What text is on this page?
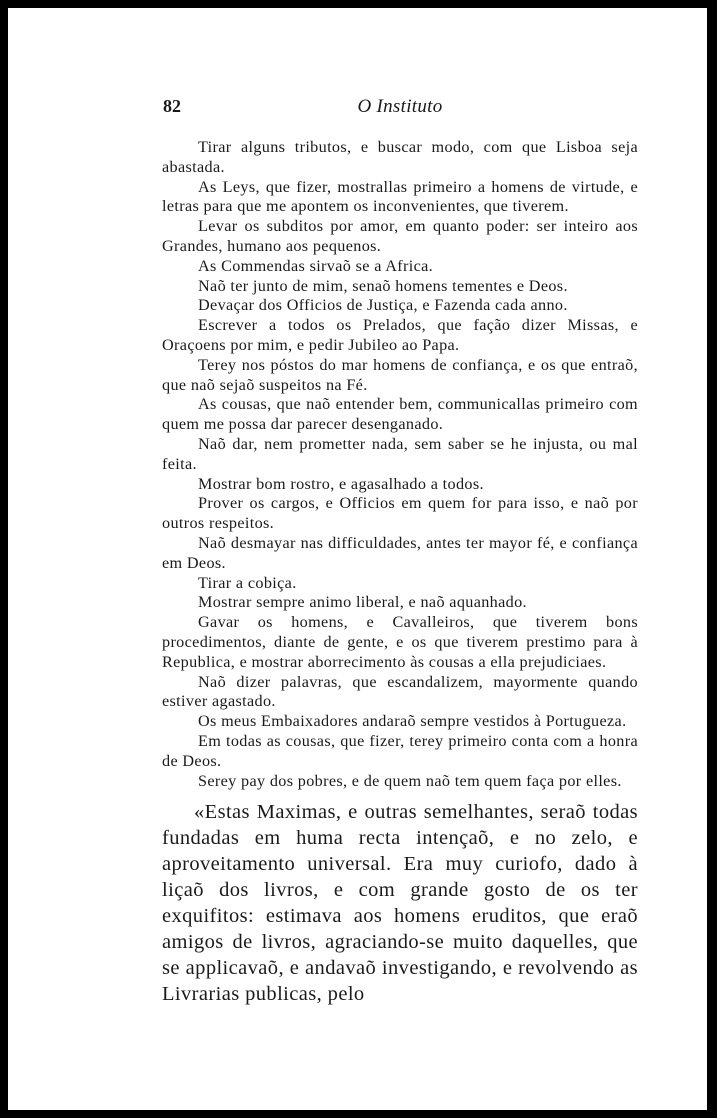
82	O Instituto

Tirar alguns tributos, e buscar modo, com que Lisboa seja abastada.

As Leys, que fizer, mostrallas primeiro a homens de virtude, e letras para que me apontem os inconvenientes, que tiverem.

Levar os subditos por amor, em quanto poder: ser inteiro aos Grandes, humano aos pequenos.

As Commendas sirvaõ se a Africa.

Naõ ter junto de mim, senaõ homens tementes e Deos.

Devaçar dos Officios de Justiça, e Fazenda cada anno.

Escrever a todos os Prelados, que fação dizer Missas, e Oraçoens por mim, e pedir Jubileo ao Papa.

Terey nos póstos do mar homens de confiança, e os que entraõ, que naõ sejaõ suspeitos na Fé.

As cousas, que naõ entender bem, communicallas primeiro com quem me possa dar parecer desenganado.

Naõ dar, nem prometter nada, sem saber se he injusta, ou mal feita.

Mostrar bom rostro, e agasalhado a todos.

Prover os cargos, e Officios em quem for para isso, e naõ por outros respeitos.

Naõ desmayar nas difficuldades, antes ter mayor fé, e confiança em Deos.

Tirar a cobiça.

Mostrar sempre animo liberal, e naõ aquanhado.

Gavar os homens, e Cavalleiros, que tiverem bons procedimentos, diante de gente, e os que tiverem prestimo para à Republica, e mostrar aborrecimento às cousas a ella prejudiciaes.

Naõ dizer palavras, que escandalizem, mayormente quando estiver agastado.

Os meus Embaixadores andaraõ sempre vestidos à Portugueza.

Em todas as cousas, que fizer, terey primeiro conta com a honra de Deos.

Serey pay dos pobres, e de quem naõ tem quem faça por elles.

«Estas Maximas, e outras semelhantes, seraõ todas fundadas em huma recta intençaõ, e no zelo, e aproveitamento universal. Era muy curiofo, dado à liçaõ dos livros, e com grande gosto de os ter exquifitos: estimava aos homens eruditos, que eraõ amigos de livros, agraciando-se muito daquelles, que se applicavaõ, e andavaõ investigando, e revolvendo as Livrarias publicas, pelo
